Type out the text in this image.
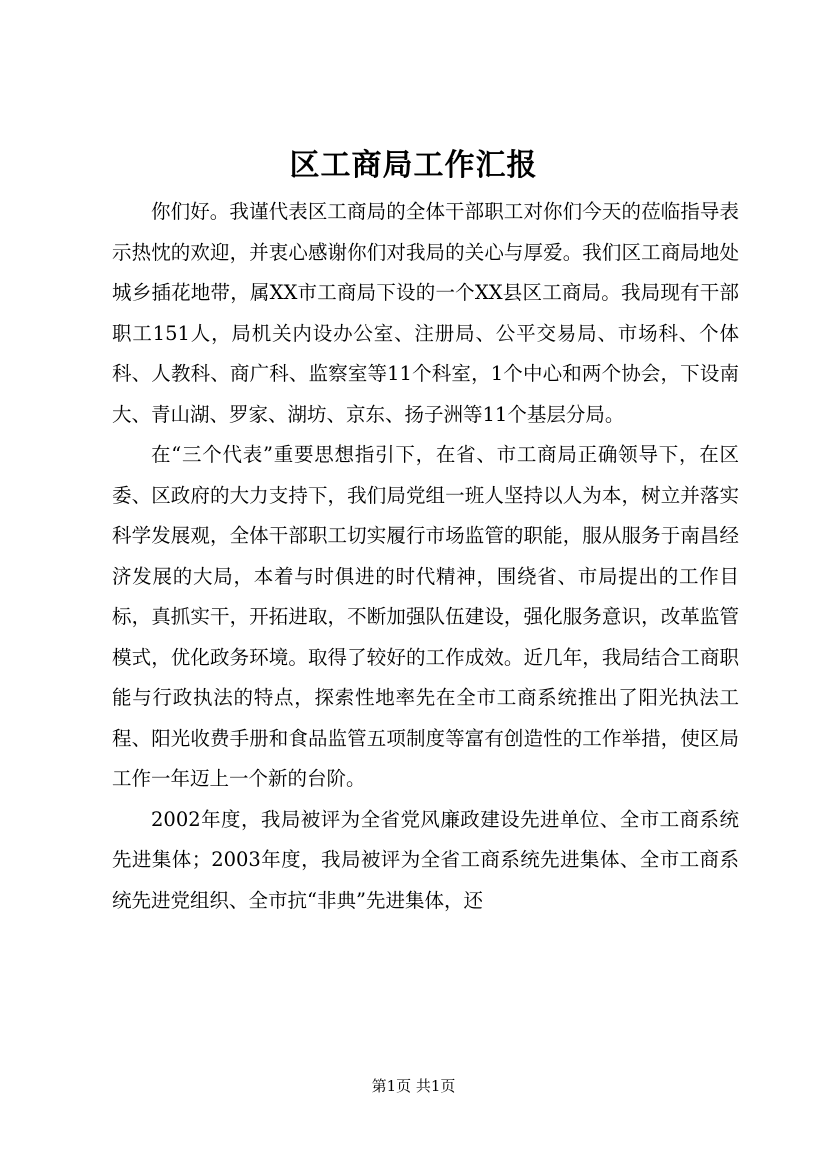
区工商局工作汇报

你们好。我谨代表区工商局的全体干部职工对你们今天的莅临指导表示热忱的欢迎，并衷心感谢你们对我局的关心与厚爱。我们区工商局地处城乡插花地带，属XX市工商局下设的一个XX县区工商局。我局现有干部职工151人，局机关内设办公室、注册局、公平交易局、市场科、个体科、人教科、商广科、监察室等11个科室，1个中心和两个协会，下设南大、青山湖、罗家、湖坊、京东、扬子洲等11个基层分局。

在“三个代表”重要思想指引下，在省、市工商局正确领导下，在区委、区政府的大力支持下，我们局党组一班人坚持以人为本，树立并落实科学发展观，全体干部职工切实履行市场监管的职能，服从服务于南昌经济发展的大局，本着与时俱进的时代精神，围绕省、市局提出的工作目标，真抓实干，开拓进取，不断加强队伍建设，强化服务意识，改革监管模式，优化政务环境。取得了较好的工作成效。近几年，我局结合工商职能与行政执法的特点，探索性地率先在全市工商系统推出了阳光执法工程、阳光收费手册和食品监管五项制度等富有创造性的工作举措，使区局工作一年迈上一个新的台阶。

2002年度，我局被评为全省党风廉政建设先进单位、全市工商系统先进集体；2003年度，我局被评为全省工商系统先进集体、全市工商系统先进党组织、全市抗“非典”先进集体，还

第1页 共1页
